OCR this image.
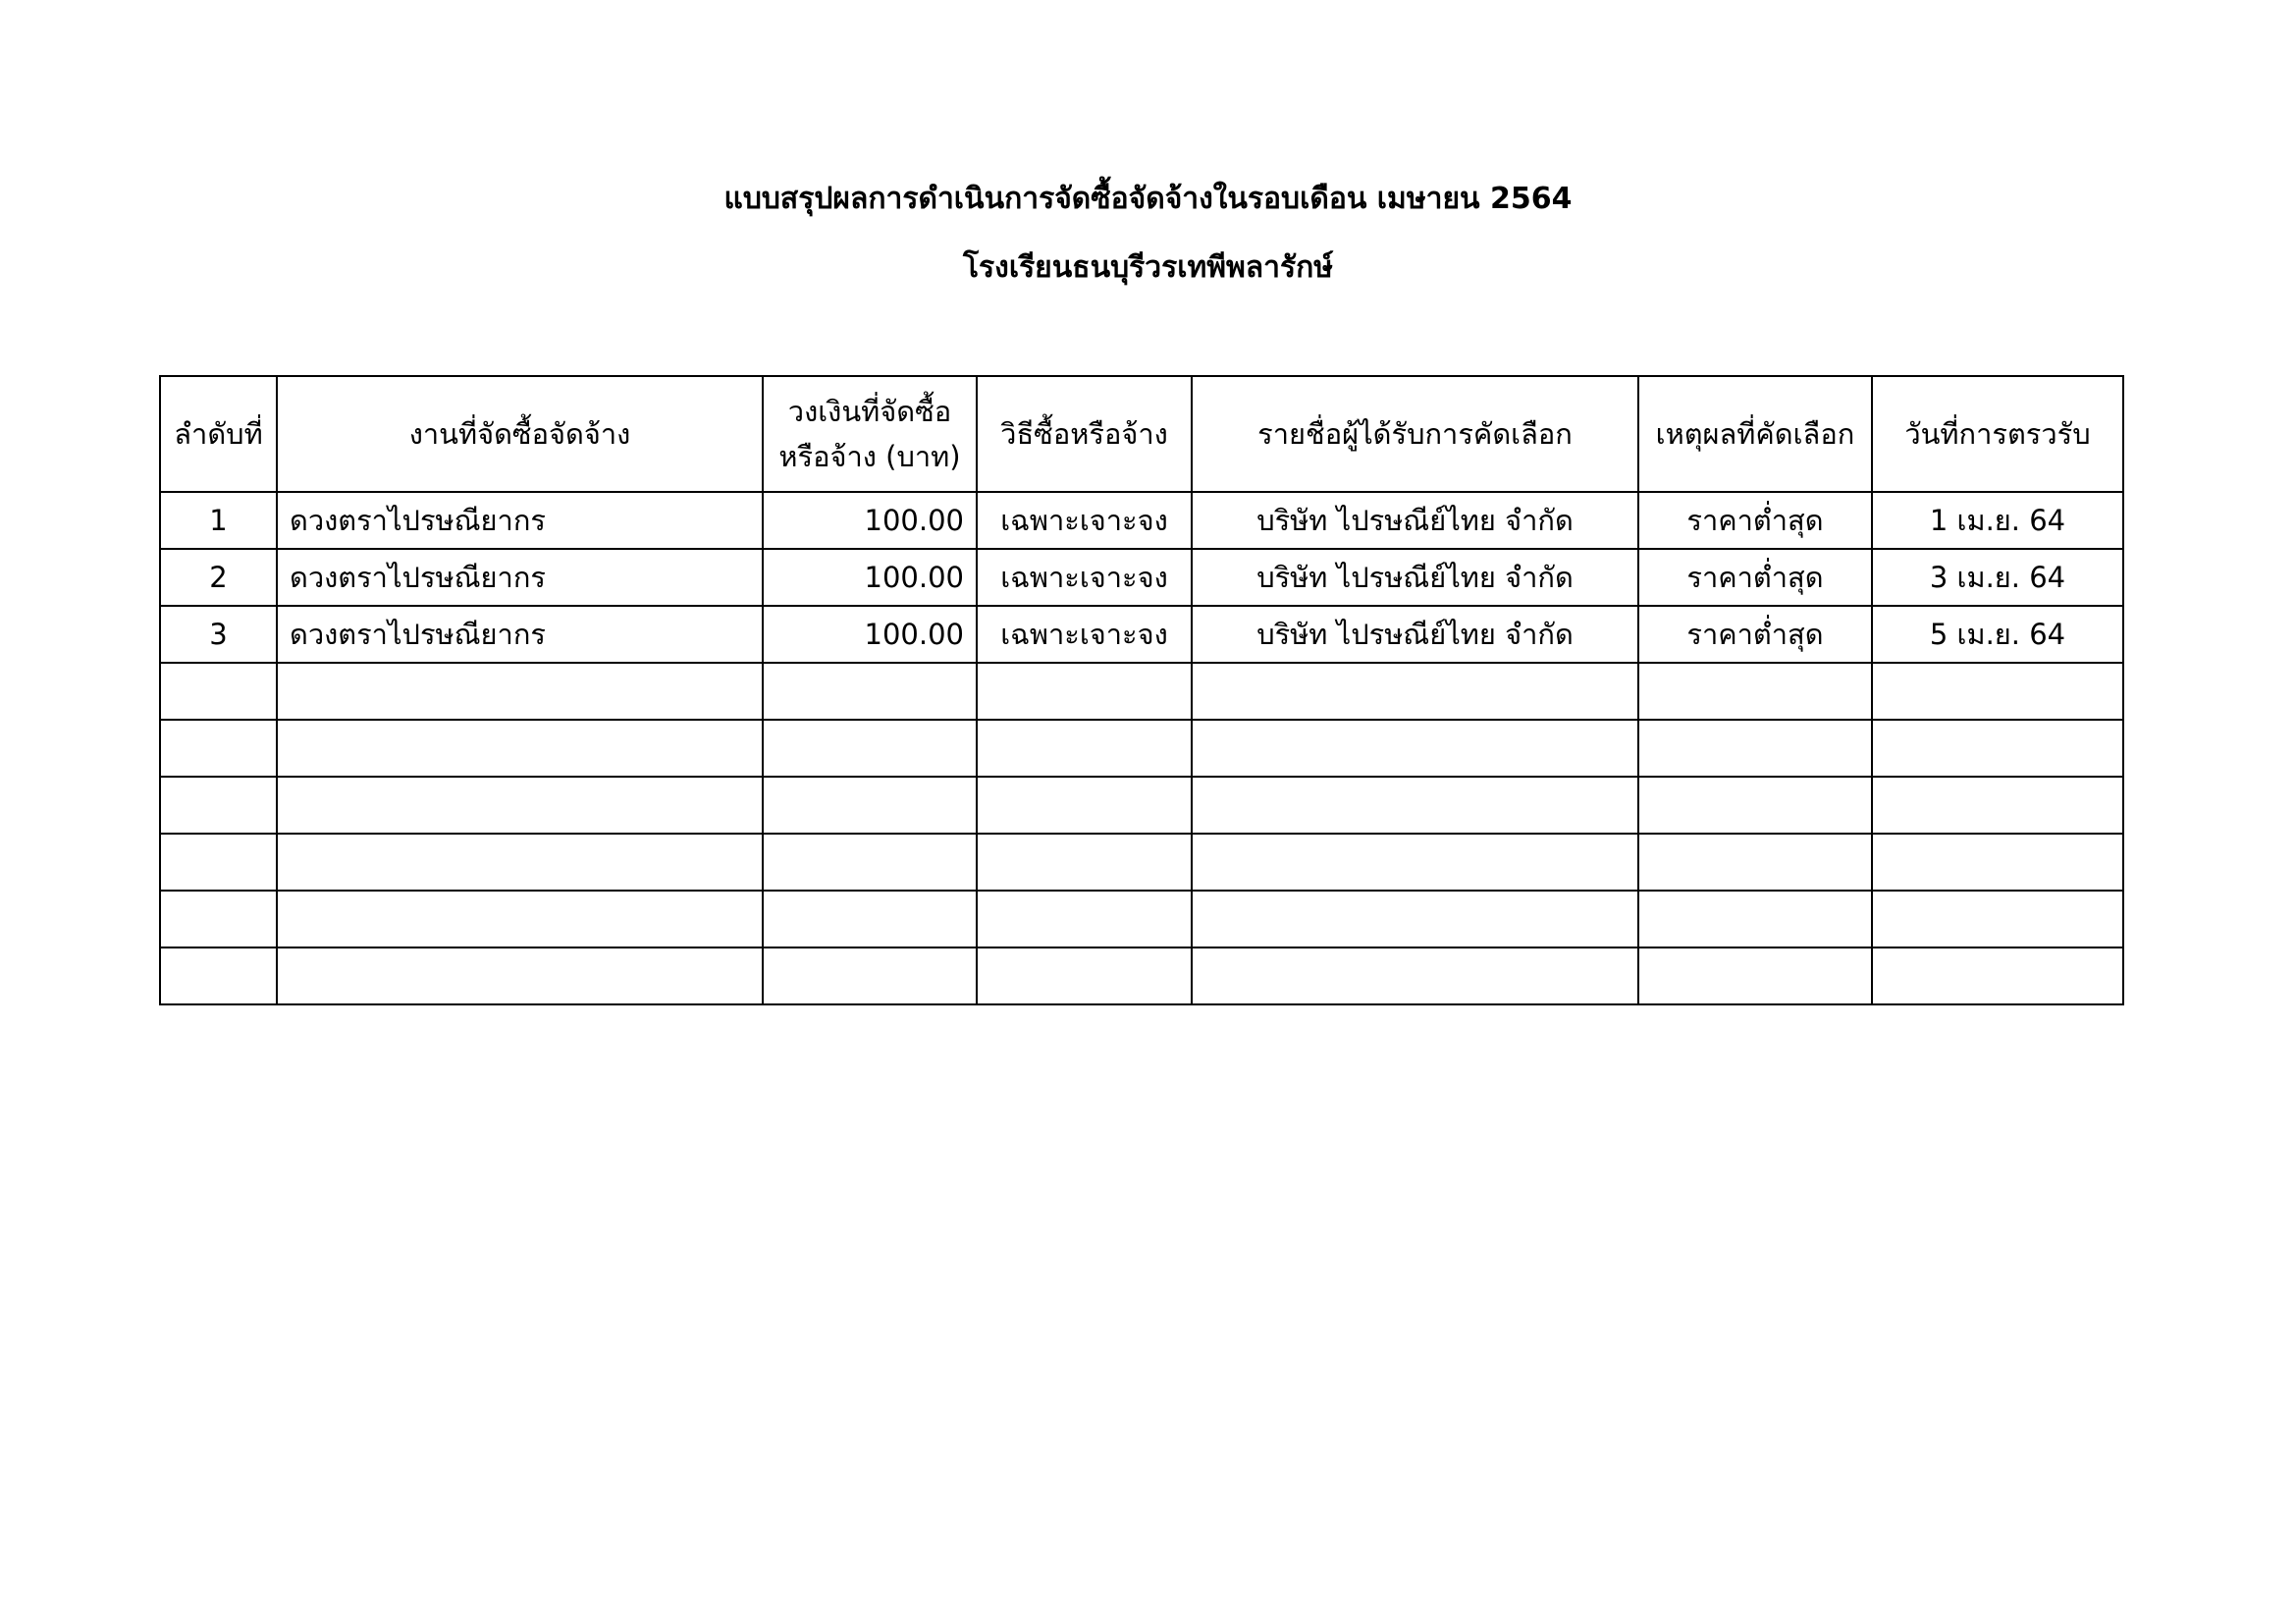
แบบสรุปผลการดำเนินการจัดซื้อจัดจ้างในรอบเดือน เมษายน 2564
โรงเรียนธนบุรีวรเทพีพลารักษ์
ลำดับที่	งานที่จัดซื้อจัดจ้าง	วงเงินที่จัดซื้อหรือจ้าง (บาท)	วิธีซื้อหรือจ้าง	รายชื่อผู้ได้รับการคัดเลือก	เหตุผลที่คัดเลือก	วันที่การตรวรับ
1	ดวงตราไปรษณียากร	100.00	เฉพาะเจาะจง	บริษัท ไปรษณีย์ไทย จำกัด	ราคาต่ำสุด	1 เม.ย. 64
2	ดวงตราไปรษณียากร	100.00	เฉพาะเจาะจง	บริษัท ไปรษณีย์ไทย จำกัด	ราคาต่ำสุด	3 เม.ย. 64
3	ดวงตราไปรษณียากร	100.00	เฉพาะเจาะจง	บริษัท ไปรษณีย์ไทย จำกัด	ราคาต่ำสุด	5 เม.ย. 64
